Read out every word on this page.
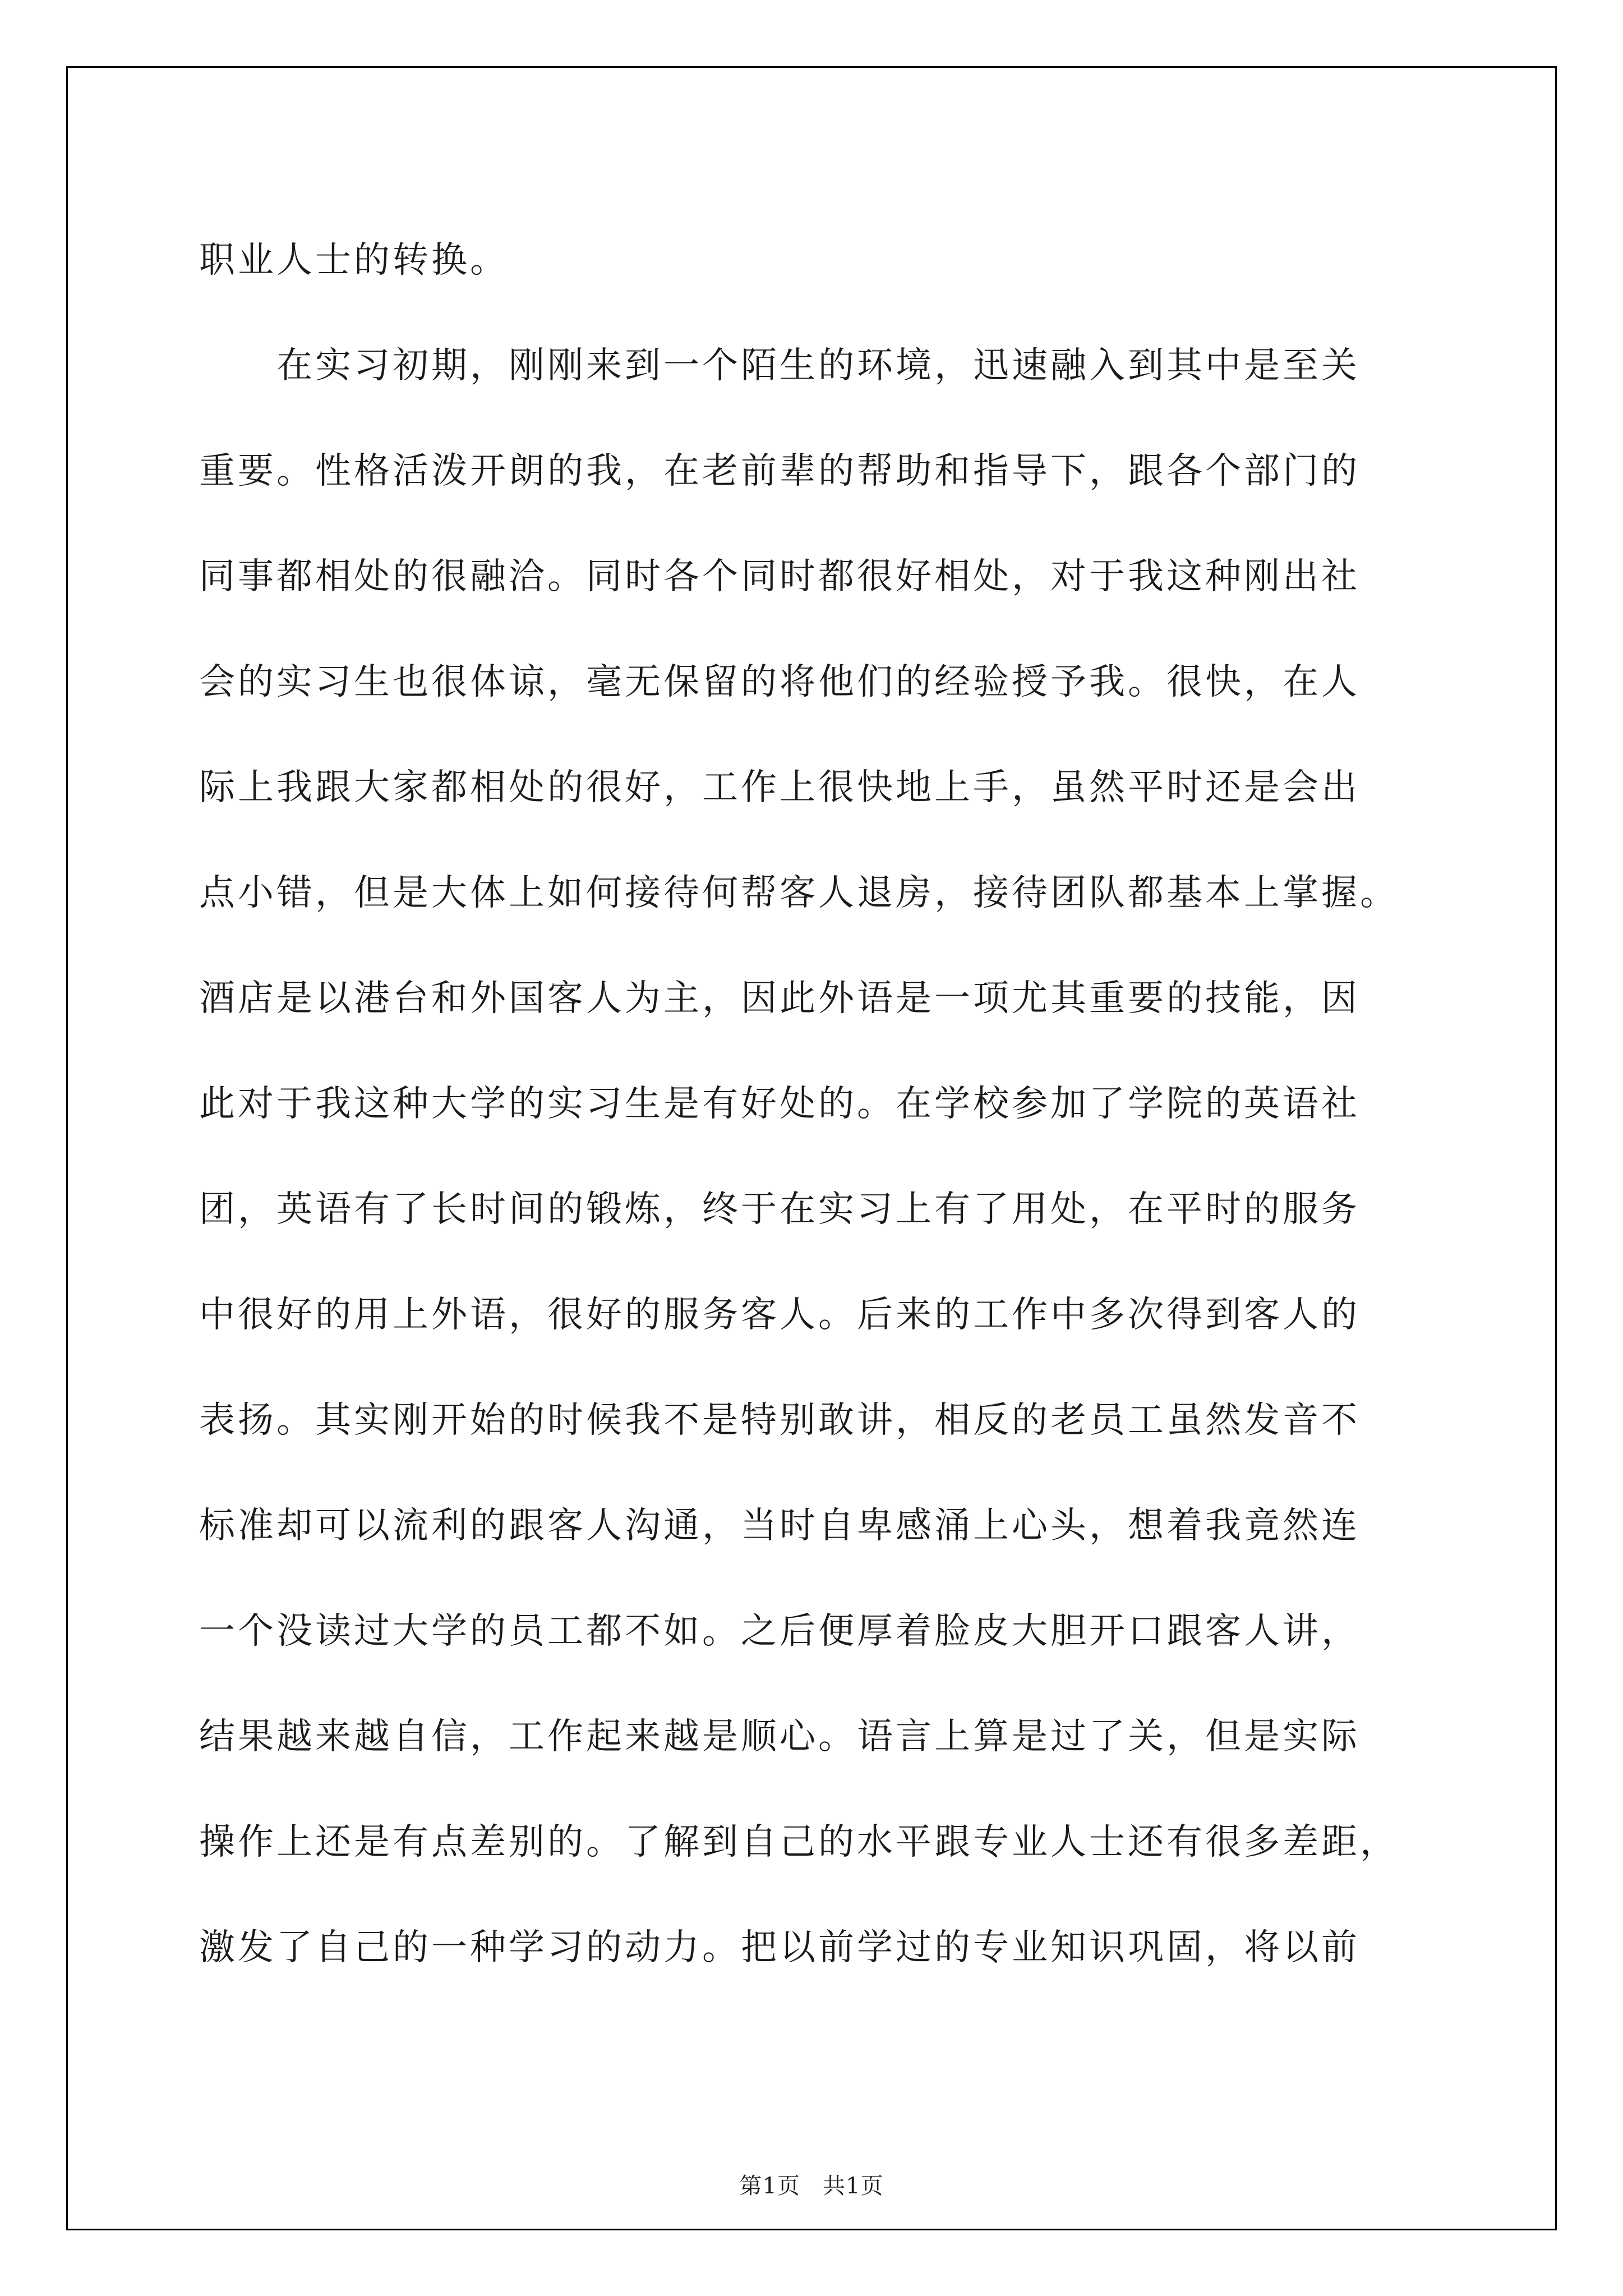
职业人士的转换。
在实习初期，刚刚来到一个陌生的环境，迅速融入到其中是至关
重要。性格活泼开朗的我，在老前辈的帮助和指导下，跟各个部门的
同事都相处的很融洽。同时各个同时都很好相处，对于我这种刚出社
会的实习生也很体谅，毫无保留的将他们的经验授予我。很快，在人
际上我跟大家都相处的很好，工作上很快地上手，虽然平时还是会出
点小错，但是大体上如何接待何帮客人退房，接待团队都基本上掌握。
酒店是以港台和外国客人为主，因此外语是一项尤其重要的技能，因
此对于我这种大学的实习生是有好处的。在学校参加了学院的英语社
团，英语有了长时间的锻炼，终于在实习上有了用处，在平时的服务
中很好的用上外语，很好的服务客人。后来的工作中多次得到客人的
表扬。其实刚开始的时候我不是特别敢讲，相反的老员工虽然发音不
标准却可以流利的跟客人沟通，当时自卑感涌上心头，想着我竟然连
一个没读过大学的员工都不如。之后便厚着脸皮大胆开口跟客人讲，
结果越来越自信，工作起来越是顺心。语言上算是过了关，但是实际
操作上还是有点差别的。了解到自己的水平跟专业人士还有很多差距，
激发了自己的一种学习的动力。把以前学过的专业知识巩固，将以前
第1页 共1页
